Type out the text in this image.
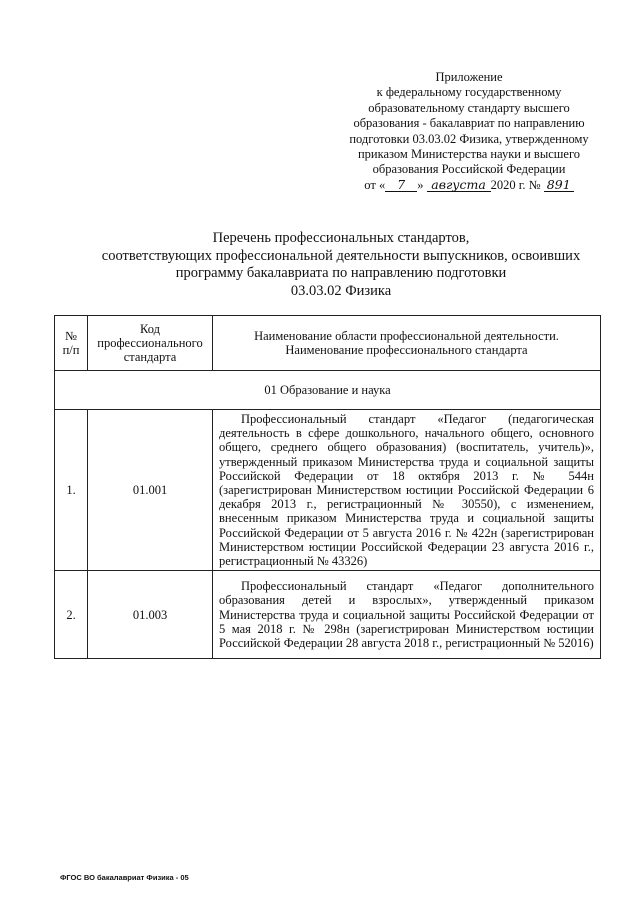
Приложение
к федеральному государственному
образовательному стандарту высшего
образования - бакалавриат по направлению
подготовки 03.03.02 Физика, утвержденному
приказом Министерства науки и высшего
образования Российской Федерации
от « 7 » августа 2020 г. № 891
Перечень профессиональных стандартов,
соответствующих профессиональной деятельности выпускников, освоивших
программу бакалавриата по направлению подготовки
03.03.02 Физика
№ п/п	Код профессионального стандарта	Наименование области профессиональной деятельности. Наименование профессионального стандарта
01 Образование и наука		
1.	01.001	Профессиональный стандарт «Педагог (педагогическая деятельность в сфере дошкольного, начального общего, основного общего, среднего общего образования) (воспитатель, учитель)», утвержденный приказом Министерства труда и социальной защиты Российской Федерации от 18 октября 2013 г. № 544н (зарегистрирован Министерством юстиции Российской Федерации 6 декабря 2013 г., регистрационный № 30550), с изменением, внесенным приказом Министерства труда и социальной защиты Российской Федерации от 5 августа 2016 г. № 422н (зарегистрирован Министерством юстиции Российской Федерации 23 августа 2016 г., регистрационный № 43326)
2.	01.003	Профессиональный стандарт «Педагог дополнительного образования детей и взрослых», утвержденный приказом Министерства труда и социальной защиты Российской Федерации от 5 мая 2018 г. № 298н (зарегистрирован Министерством юстиции Российской Федерации 28 августа 2018 г., регистрационный № 52016)
ФГОС ВО бакалавриат Физика - 05
